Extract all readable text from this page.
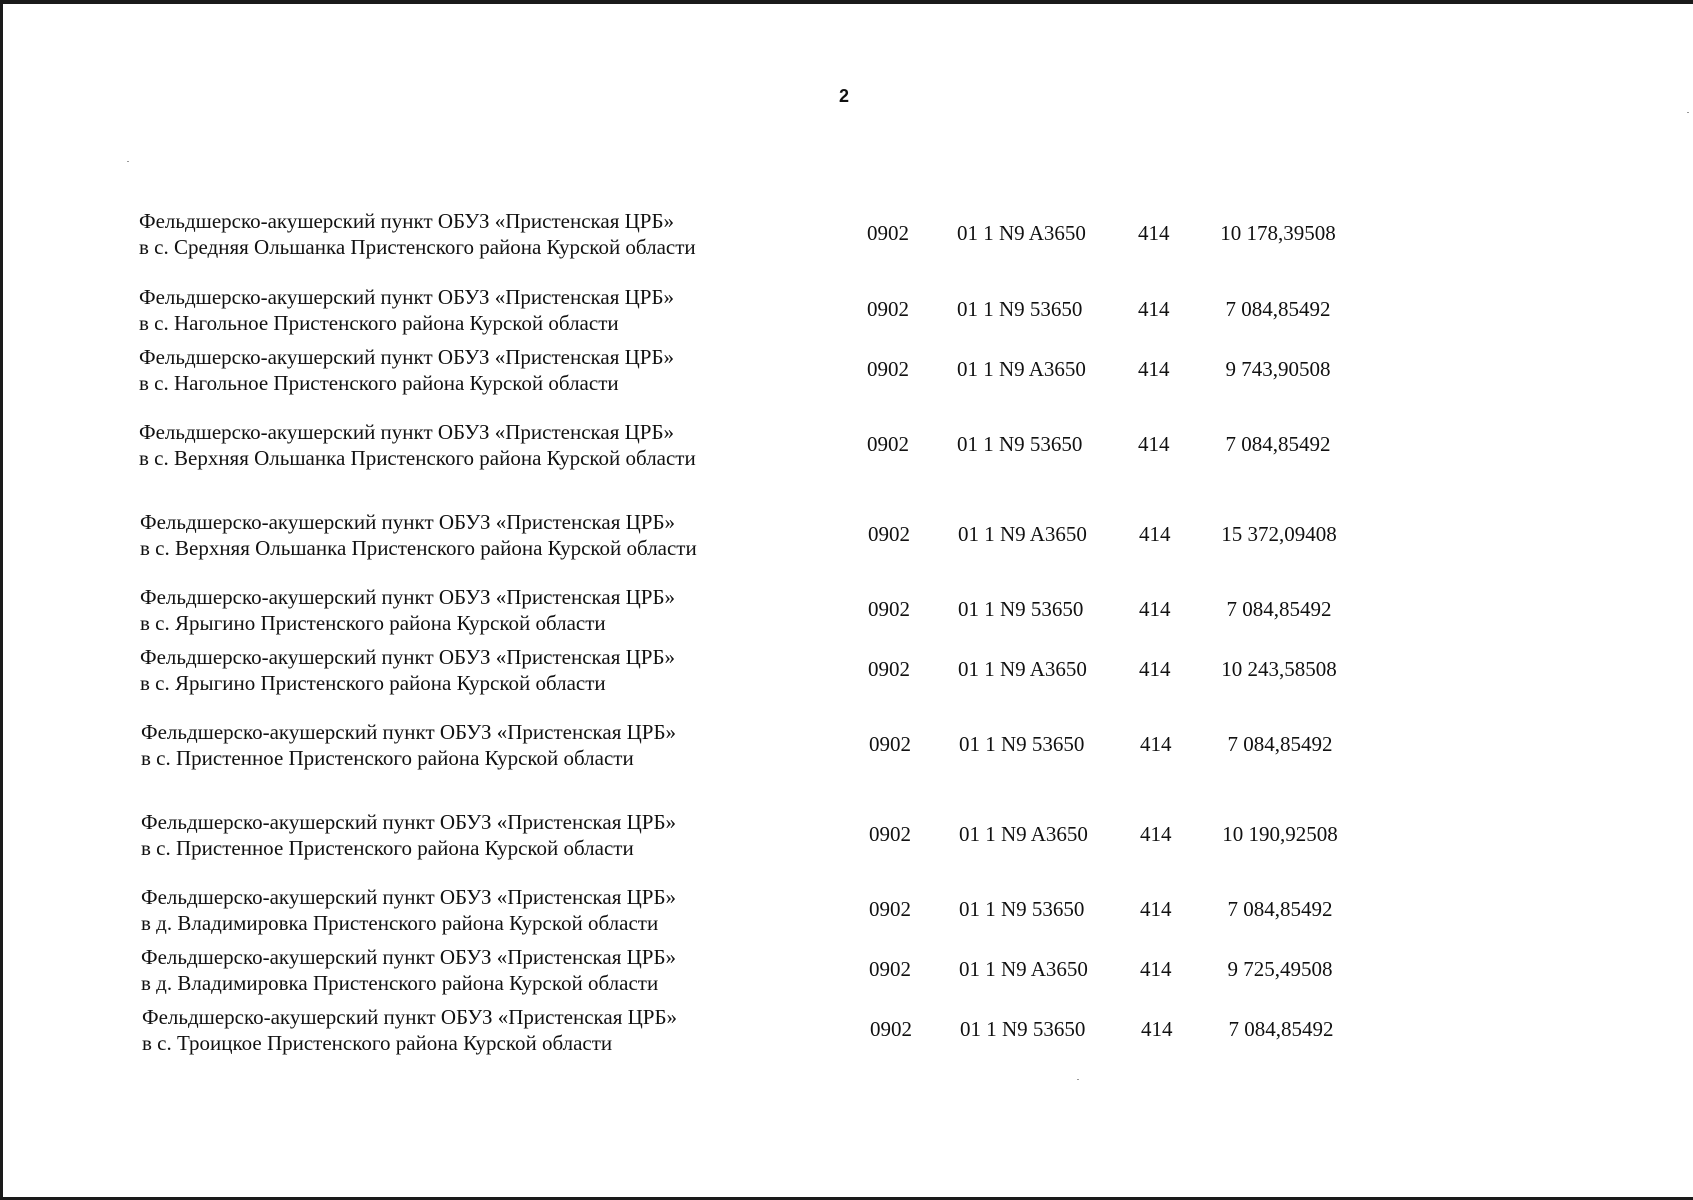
2
Фельдшерско-акушерский пункт ОБУЗ «Пристенская ЦРБ»
в с. Средняя Ольшанка Пристенского района Курской области
0902 01 1 N9 A3650 414	10 178,39508
Фельдшерско-акушерский пункт ОБУЗ «Пристенская ЦРБ»
в с. Нагольное Пристенского района Курской области
0902 01 1 N9 53650	414	7 084,85492
Фельдшерско-акушерский пункт ОБУЗ «Пристенская ЦРБ»
в с. Нагольное Пристенского района Курской области
0902 01 1 N9 A3650 414	9 743,90508
Фельдшерско-акушерский пункт ОБУЗ «Пристенская ЦРБ»
в с. Верхняя Ольшанка Пристенского района Курской области
0902 01 1 N9 53650	414	7 084,85492
Фельдшерско-акушерский пункт ОБУЗ «Пристенская ЦРБ»
в с. Верхняя Ольшанка Пристенского района Курской области
0902 01 1 N9 A3650 414	15 372,09408
Фельдшерско-акушерский пункт ОБУЗ «Пристенская ЦРБ»
в с. Ярыгино Пристенского района Курской области
0902 01 1 N9 53650	414	7 084,85492
Фельдшерско-акушерский пункт ОБУЗ «Пристенская ЦРБ»
в с. Ярыгино Пристенского района Курской области
0902 01 1 N9 A3650 414	10 243,58508
Фельдшерско-акушерский пункт ОБУЗ «Пристенская ЦРБ»
в с. Пристенное Пристенского района Курской области
0902 01 1 N9 53650	414	7 084,85492
Фельдшерско-акушерский пункт ОБУЗ «Пристенская ЦРБ»
в с. Пристенное Пристенского района Курской области
0902 01 1 N9 A3650 414	10 190,92508
Фельдшерско-акушерский пункт ОБУЗ «Пристенская ЦРБ»
в д. Владимировка Пристенского района Курской области
0902 01 1 N9 53650	414	7 084,85492
Фельдшерско-акушерский пункт ОБУЗ «Пристенская ЦРБ»
в д. Владимировка Пристенского района Курской области
0902 01 1 N9 A3650 414	9 725,49508
Фельдшерско-акушерский пункт ОБУЗ «Пристенская ЦРБ»
в с. Троицкое Пристенского района Курской области
0902 01 1 N9 53650	414	7 084,85492
